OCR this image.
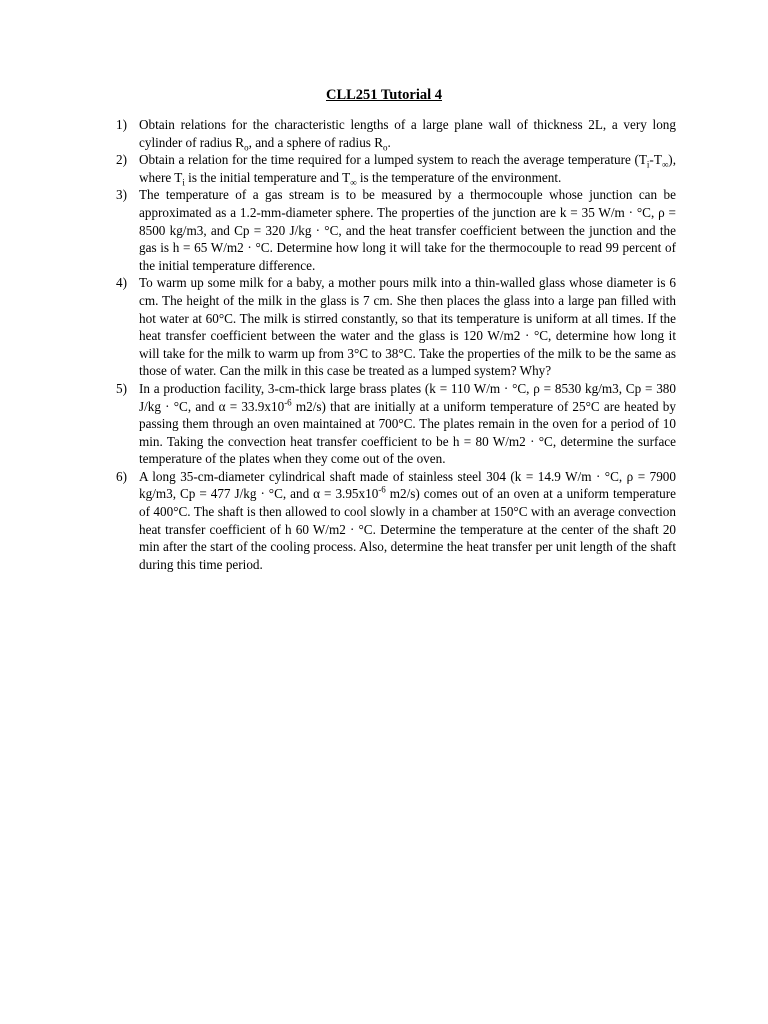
CLL251 Tutorial 4
1) Obtain relations for the characteristic lengths of a large plane wall of thickness 2L, a very long cylinder of radius $R_o$, and a sphere of radius $R_o$.
2) Obtain a relation for the time required for a lumped system to reach the average temperature $(T_i-T_\infty)$, where $T_i$ is the initial temperature and $T_\infty$ is the temperature of the environment.
3) The temperature of a gas stream is to be measured by a thermocouple whose junction can be approximated as a 1.2-mm-diameter sphere. The properties of the junction are k = 35 W/m · °C, ρ = 8500 kg/m3, and Cp = 320 J/kg · °C, and the heat transfer coefficient between the junction and the gas is h = 65 W/m2 · °C. Determine how long it will take for the thermocouple to read 99 percent of the initial temperature difference.
4) To warm up some milk for a baby, a mother pours milk into a thin-walled glass whose diameter is 6 cm. The height of the milk in the glass is 7 cm. She then places the glass into a large pan filled with hot water at 60°C. The milk is stirred constantly, so that its temperature is uniform at all times. If the heat transfer coefficient between the water and the glass is 120 W/m2 · °C, determine how long it will take for the milk to warm up from 3°C to 38°C. Take the properties of the milk to be the same as those of water. Can the milk in this case be treated as a lumped system? Why?
5) In a production facility, 3-cm-thick large brass plates (k = 110 W/m · °C, ρ = 8530 kg/m3, Cp = 380 J/kg · °C, and $\alpha = 33.9x10^{-6}$ m2/s) that are initially at a uniform temperature of 25°C are heated by passing them through an oven maintained at 700°C. The plates remain in the oven for a period of 10 min. Taking the convection heat transfer coefficient to be h = 80 W/m2 · °C, determine the surface temperature of the plates when they come out of the oven.
6) A long 35-cm-diameter cylindrical shaft made of stainless steel 304 (k = 14.9 W/m · °C, ρ = 7900 kg/m3, Cp = 477 J/kg · °C, and $\alpha = 3.95x10^{-6}$ m2/s) comes out of an oven at a uniform temperature of 400°C. The shaft is then allowed to cool slowly in a chamber at 150°C with an average convection heat transfer coefficient of h 60 W/m2 · °C. Determine the temperature at the center of the shaft 20 min after the start of the cooling process. Also, determine the heat transfer per unit length of the shaft during this time period.
